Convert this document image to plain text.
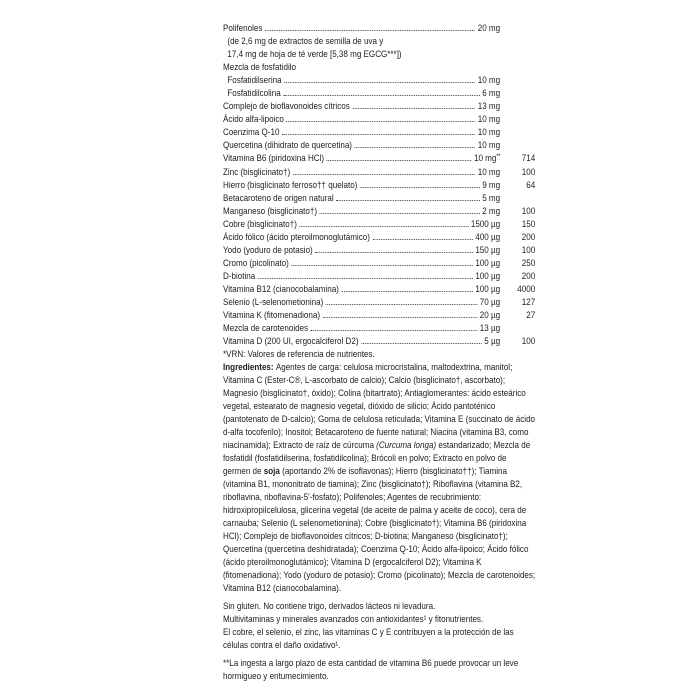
Polifenoles	20 mg
(de 2,6 mg de extractos de semilla de uva y
17,4 mg de hoja de té verde [5,38 mg EGCG***])
Mezcla de fosfatidilo
Fosfatidilserina	10 mg
Fosfatidilcolina	6 mg
Complejo de bioflavonoides cítricos	13 mg
Ácido alfa-lipoico	10 mg
Coenzima Q-10	10 mg
Quercetina (dihidrato de quercetina)	10 mg
Vitamina B6 (piridoxina HCl)	10 mg **	714
Zinc (bisglicinato†)	10 mg	100
Hierro (bisglicinato ferroso†† quelato)	9 mg	64
Betacaroteno de origen natural	5 mg
Manganeso (bisglicinato†)	2 mg	100
Cobre (bisglicinato†)	1500 µg	150
Ácido fólico (ácido pteroilmonoglutámico)	400 µg	200
Yodo (yoduro de potasio)	150 µg	100
Cromo (picolinato)	100 µg	250
D-biotina	100 µg	200
Vitamina B12 (cianocobalamina)	100 µg	4000
Selenio (L-selenometionina)	70 µg	127
Vitamina K (fitomenadiona)	20 µg	27
Mezcla de carotenoides	13 µg
Vitamina D (200 UI, ergocalciferol D2)	5 µg	100

*VRN: Valores de referencia de nutrientes.

Ingredientes: Agentes de carga: celulosa microcristalina, maltodextrina, manitol; Vitamina C (Ester-C®, L-ascorbato de calcio); Calcio (bisglicinato†, ascorbato); Magnesio (bisglicinato†, óxido); Colina (bitartrato); Antiaglomerantes: ácido esteárico vegetal, estearato de magnesio vegetal, dióxido de silicio; Ácido pantoténico (pantotenato de D-calcio); Goma de celulosa reticulada; Vitamina E (succinato de ácido d-alfa tocoferilo); Inositol; Betacaroteno de fuente natural; Niacina (vitamina B3, como niacinamida); Extracto de raíz de cúrcuma (Curcuma longa) estandarizado; Mezcla de fosfatidil (fosfatidilserina, fosfatidilcolina); Brócoli en polvo; Extracto en polvo de germen de soja (aportando 2% de isoflavonas); Hierro (bisglicinato††); Tiamina (vitamina B1, mononitrato de tiamina); Zinc (bisglicinato†); Riboflavina (vitamina B2, riboflavina, riboflavina-5'-fosfato); Polifenoles; Agentes de recubrimiento: hidroxipropilcelulosa, glicerina vegetal (de aceite de palma y aceite de coco), cera de carnauba; Selenio (L selenometionina); Cobre (bisglicinato†); Vitamina B6 (piridoxina HCl); Complejo de bioflavonoides cítricos; D-biotina; Manganeso (bisglicinato†); Quercetina (quercetina deshidratada); Coenzima Q-10; Ácido alfa-lipoico; Ácido fólico (ácido pteroilmonoglutámico); Vitamina D (ergocalciferol D2); Vitamina K (fitomenadiona); Yodo (yoduro de potasio); Cromo (picolinato); Mezcla de carotenoides; Vitamina B12 (cianocobalamina).

Sin gluten. No contiene trigo, derivados lácteos ni levadura.

Multivitaminas y minerales avanzados con antioxidantes¹ y fitonutrientes.

El cobre, el selenio, el zinc, las vitaminas C y E contribuyen a la protección de las células contra el daño oxidativo¹.

**La ingesta a largo plazo de esta cantidad de vitamina B6 puede provocar un leve hormigueo y entumecimiento.
